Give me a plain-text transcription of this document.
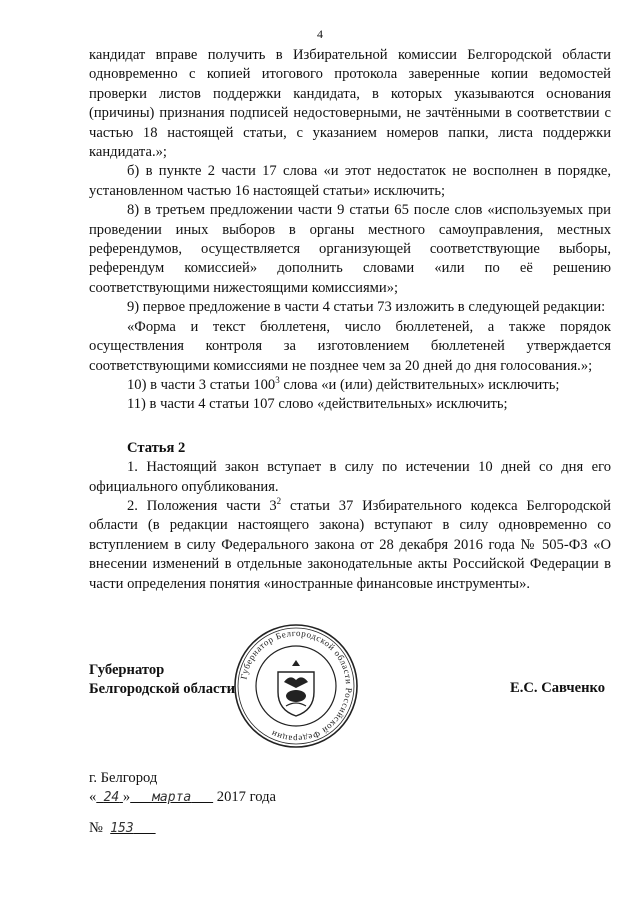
4

кандидат вправе получить в Избирательной комиссии Белгородской области одновременно с копией итогового протокола заверенные копии ведомостей проверки листов поддержки кандидата, в которых указываются основания (причины) признания подписей недостоверными, не зачтёнными в соответствии с частью 18 настоящей статьи, с указанием номеров папки, листа поддержки кандидата.»;

б) в пункте 2 части 17 слова «и этот недостаток не восполнен в порядке, установленном частью 16 настоящей статьи» исключить;

8) в третьем предложении части 9 статьи 65 после слов «используемых при проведении иных выборов в органы местного самоуправления, местных референдумов, осуществляется организующей соответствующие выборы, референдум комиссией» дополнить словами «или по её решению соответствующими нижестоящими комиссиями»;

9) первое предложение в части 4 статьи 73 изложить в следующей редакции:

«Форма и текст бюллетеня, число бюллетеней, а также порядок осуществления контроля за изготовлением бюллетеней утверждается соответствующими комиссиями не позднее чем за 20 дней до дня голосования.»;

10) в части 3 статьи $100^3$ слова «и (или) действительных» исключить;

11) в части 4 статьи 107 слово «действительных» исключить;

Статья 2

1. Настоящий закон вступает в силу по истечении 10 дней со дня его официального опубликования.

2. Положения части $3^2$ статьи 37 Избирательного кодекса Белгородской области (в редакции настоящего закона) вступают в силу одновременно со вступлением в силу Федерального закона от 28 декабря 2016 года № 505-ФЗ «О внесении изменений в отдельные законодательные акты Российской Федерации в части определения понятия «иностранные финансовые инструменты».

Губернатор
Белгородской области
Губернатор Белгородской области Российской Федерации
Е.С. Савченко
г. Белгород
« 24 » марта 2017 года
№ 153
